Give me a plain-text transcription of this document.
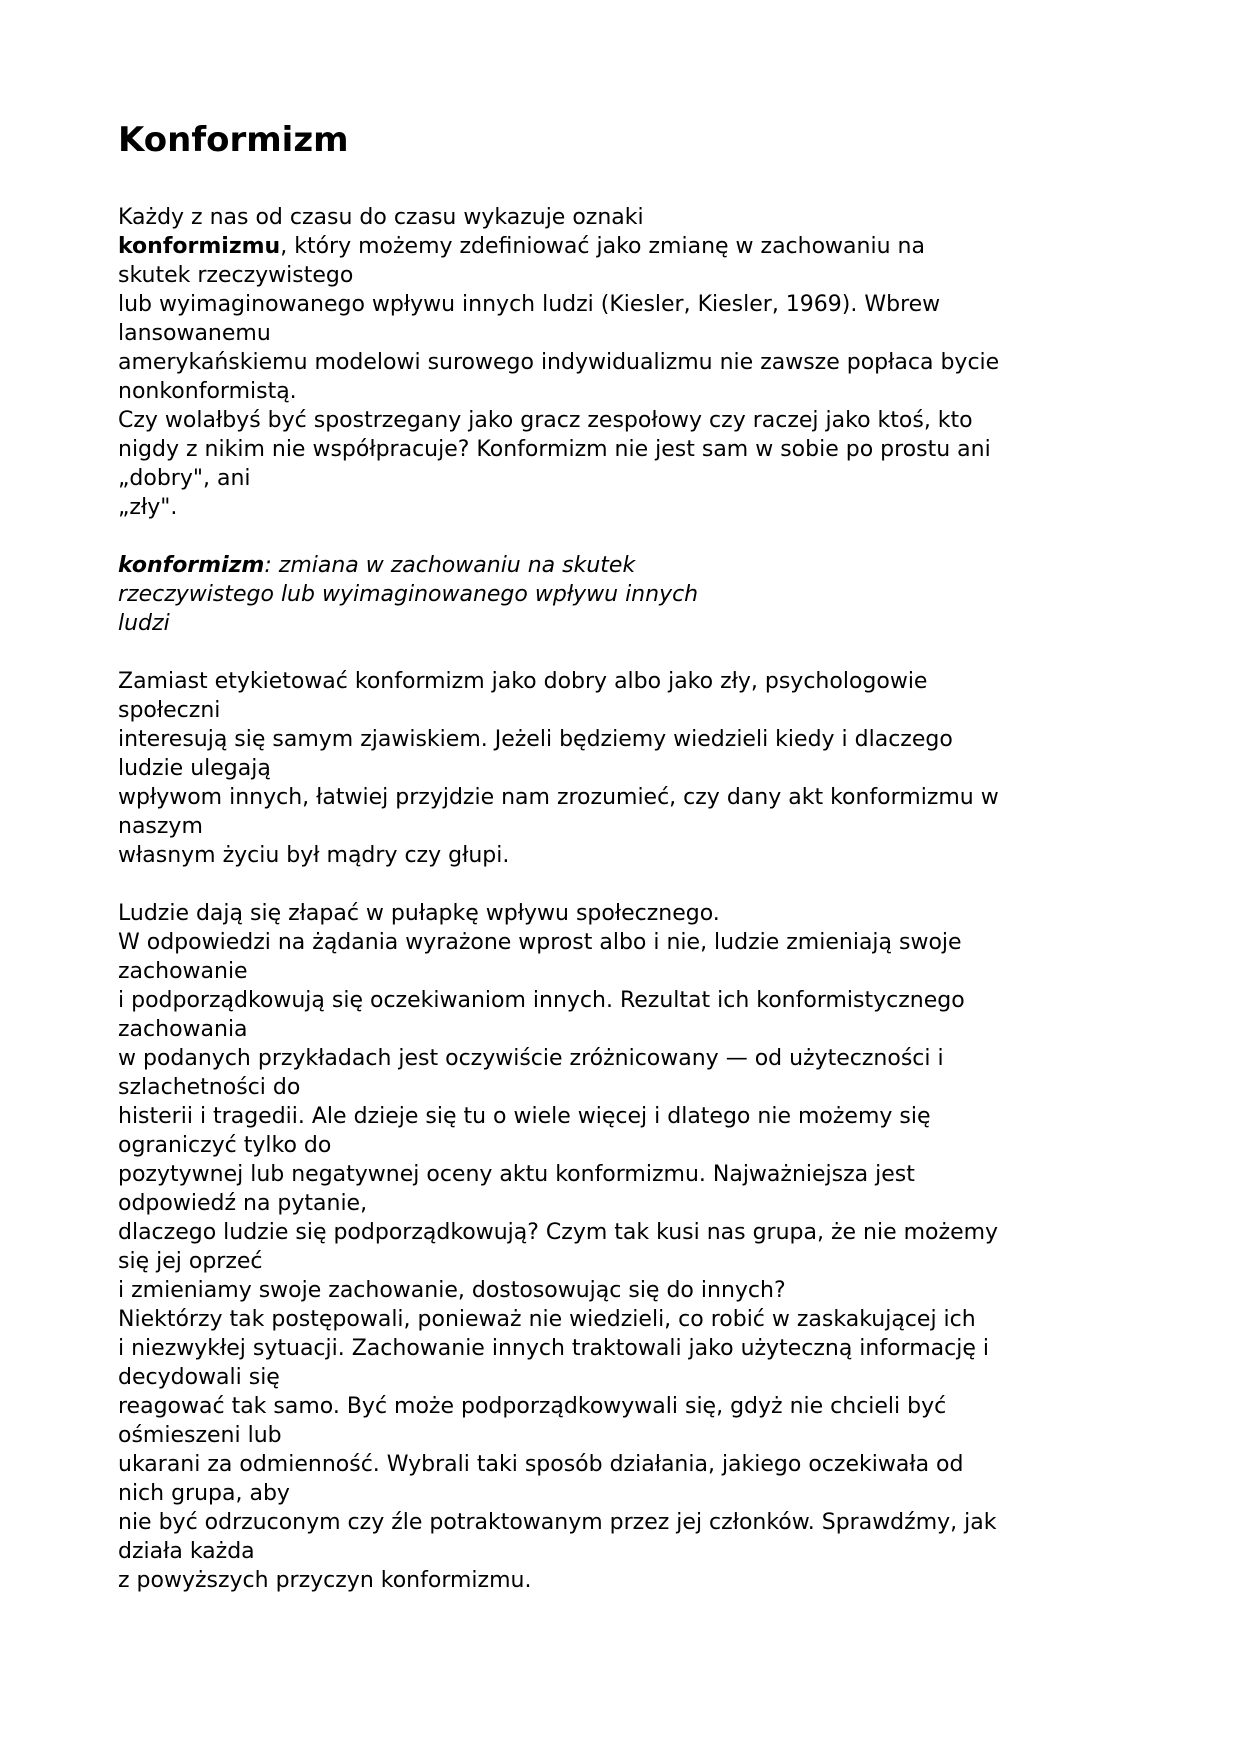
Konformizm
Każdy z nas od czasu do czasu wykazuje oznaki
konformizmu, który możemy zdefiniować jako zmianę w zachowaniu na
skutek rzeczywistego
lub wyimaginowanego wpływu innych ludzi (Kiesler, Kiesler, 1969). Wbrew
lansowanemu
amerykańskiemu modelowi surowego indywidualizmu nie zawsze popłaca bycie
nonkonformistą.
Czy wolałbyś być spostrzegany jako gracz zespołowy czy raczej jako ktoś, kto
nigdy z nikim nie współpracuje? Konformizm nie jest sam w sobie po prostu ani
„dobry", ani
„zły".
konformizm: zmiana w zachowaniu na skutek
rzeczywistego lub wyimaginowanego wpływu innych
ludzi
Zamiast etykietować konformizm jako dobry albo jako zły, psychologowie
społeczni
interesują się samym zjawiskiem. Jeżeli będziemy wiedzieli kiedy i dlaczego
ludzie ulegają
wpływom innych, łatwiej przyjdzie nam zrozumieć, czy dany akt konformizmu w
naszym
własnym życiu był mądry czy głupi.
Ludzie dają się złapać w pułapkę wpływu społecznego.
W odpowiedzi na żądania wyrażone wprost albo i nie, ludzie zmieniają swoje
zachowanie
i podporządkowują się oczekiwaniom innych. Rezultat ich konformistycznego
zachowania
w podanych przykładach jest oczywiście zróżnicowany — od użyteczności i
szlachetności do
histerii i tragedii. Ale dzieje się tu o wiele więcej i dlatego nie możemy się
ograniczyć tylko do
pozytywnej lub negatywnej oceny aktu konformizmu. Najważniejsza jest
odpowiedź na pytanie,
dlaczego ludzie się podporządkowują? Czym tak kusi nas grupa, że nie możemy
się jej oprzeć
i zmieniamy swoje zachowanie, dostosowując się do innych?
Niektórzy tak postępowali, ponieważ nie wiedzieli, co robić w zaskakującej ich
i niezwykłej sytuacji. Zachowanie innych traktowali jako użyteczną informację i
decydowali się
reagować tak samo. Być może podporządkowywali się, gdyż nie chcieli być
ośmieszeni lub
ukarani za odmienność. Wybrali taki sposób działania, jakiego oczekiwała od
nich grupa, aby
nie być odrzuconym czy źle potraktowanym przez jej członków. Sprawdźmy, jak
działa każda
z powyższych przyczyn konformizmu.
